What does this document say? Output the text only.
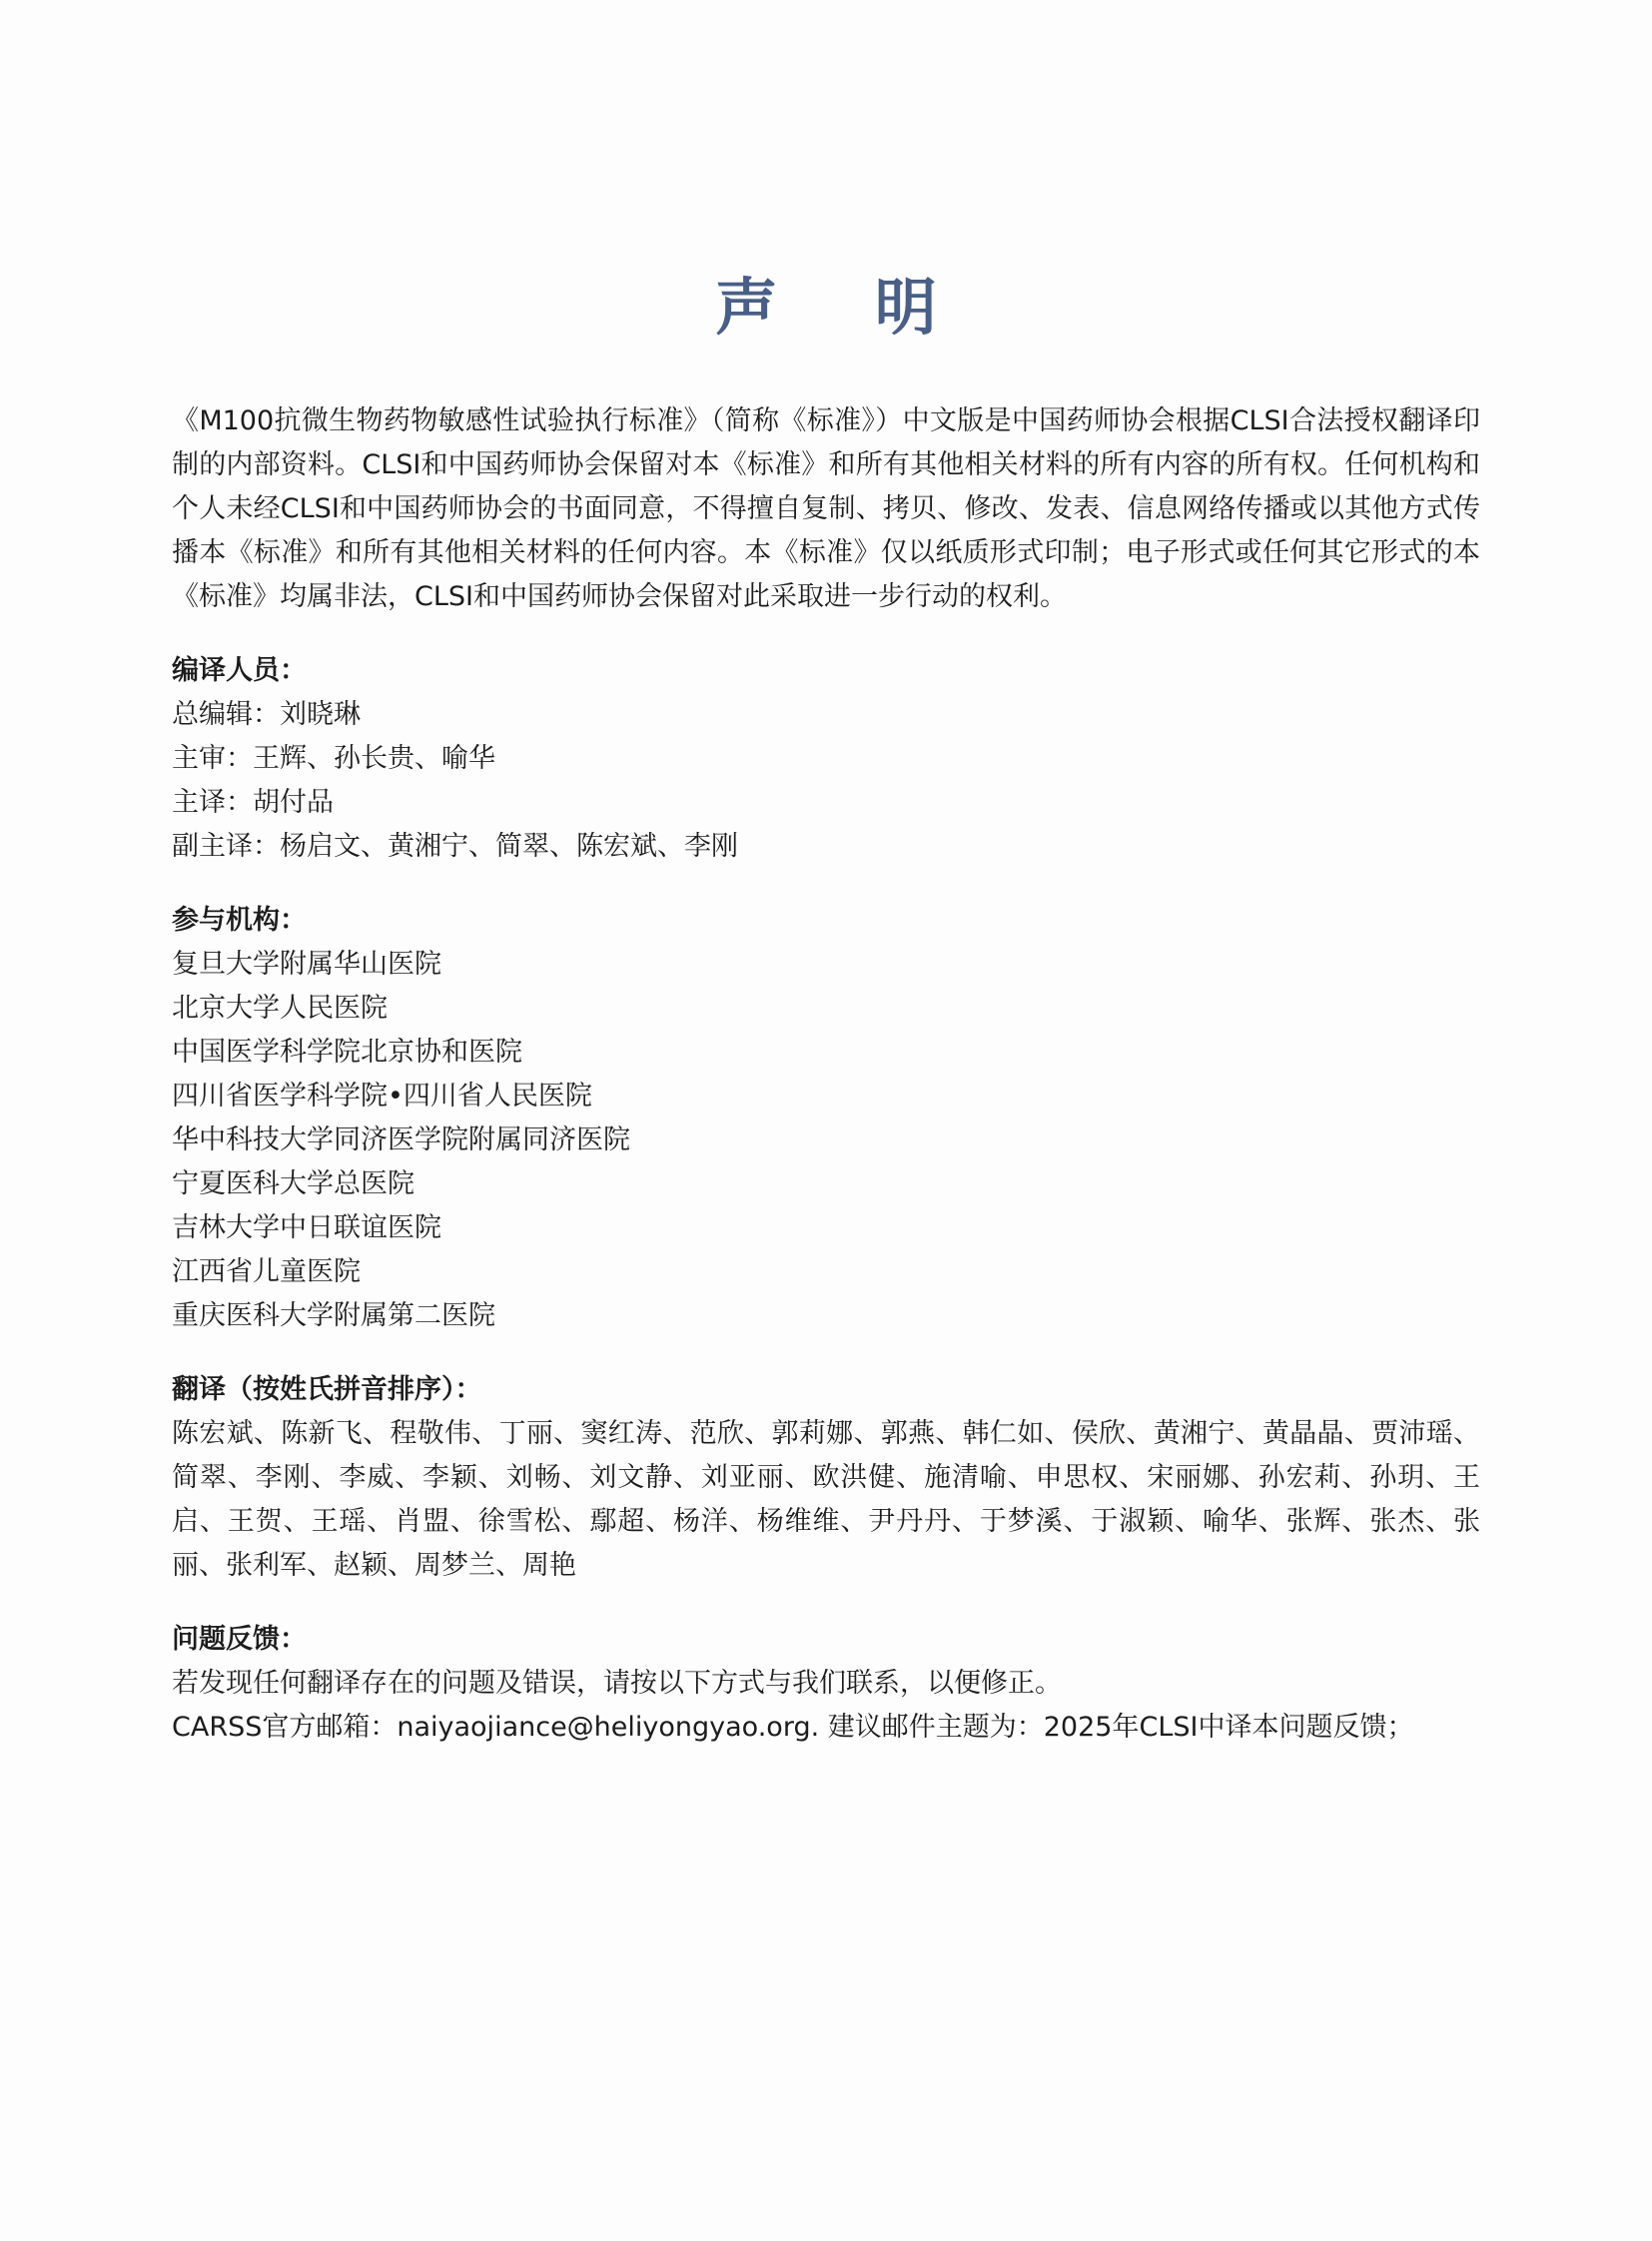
声 明

《M100抗微生物药物敏感性试验执行标准》（简称《标准》）中文版是中国药师协会根据CLSI合法授权翻译印制的内部资料。CLSI和中国药师协会保留对本《标准》和所有其他相关材料的所有内容的所有权。任何机构和个人未经CLSI和中国药师协会的书面同意，不得擅自复制、拷贝、修改、发表、信息网络传播或以其他方式传播本《标准》和所有其他相关材料的任何内容。本《标准》仅以纸质形式印制；电子形式或任何其它形式的本《标准》均属非法，CLSI和中国药师协会保留对此采取进一步行动的权利。

编译人员：

总编辑：刘晓琳

主审：王辉、孙长贵、喻华

主译：胡付品

副主译：杨启文、黄湘宁、简翠、陈宏斌、李刚

参与机构：

复旦大学附属华山医院

北京大学人民医院

中国医学科学院北京协和医院

四川省医学科学院•四川省人民医院

华中科技大学同济医学院附属同济医院

宁夏医科大学总医院

吉林大学中日联谊医院

江西省儿童医院

重庆医科大学附属第二医院

翻译（按姓氏拼音排序）：

陈宏斌、陈新飞、程敬伟、丁丽、窦红涛、范欣、郭莉娜、郭燕、韩仁如、侯欣、黄湘宁、黄晶晶、贾沛瑶、简翠、李刚、李威、李颖、刘畅、刘文静、刘亚丽、欧洪健、施清喻、申思权、宋丽娜、孙宏莉、孙玥、王启、王贺、王瑶、肖盟、徐雪松、鄢超、杨洋、杨维维、尹丹丹、于梦溪、于淑颖、喻华、张辉、张杰、张丽、张利军、赵颖、周梦兰、周艳

问题反馈：

若发现任何翻译存在的问题及错误，请按以下方式与我们联系，以便修正。

CARSS官方邮箱：naiyaojiance@heliyongyao.org. 建议邮件主题为：2025年CLSI中译本问题反馈；
